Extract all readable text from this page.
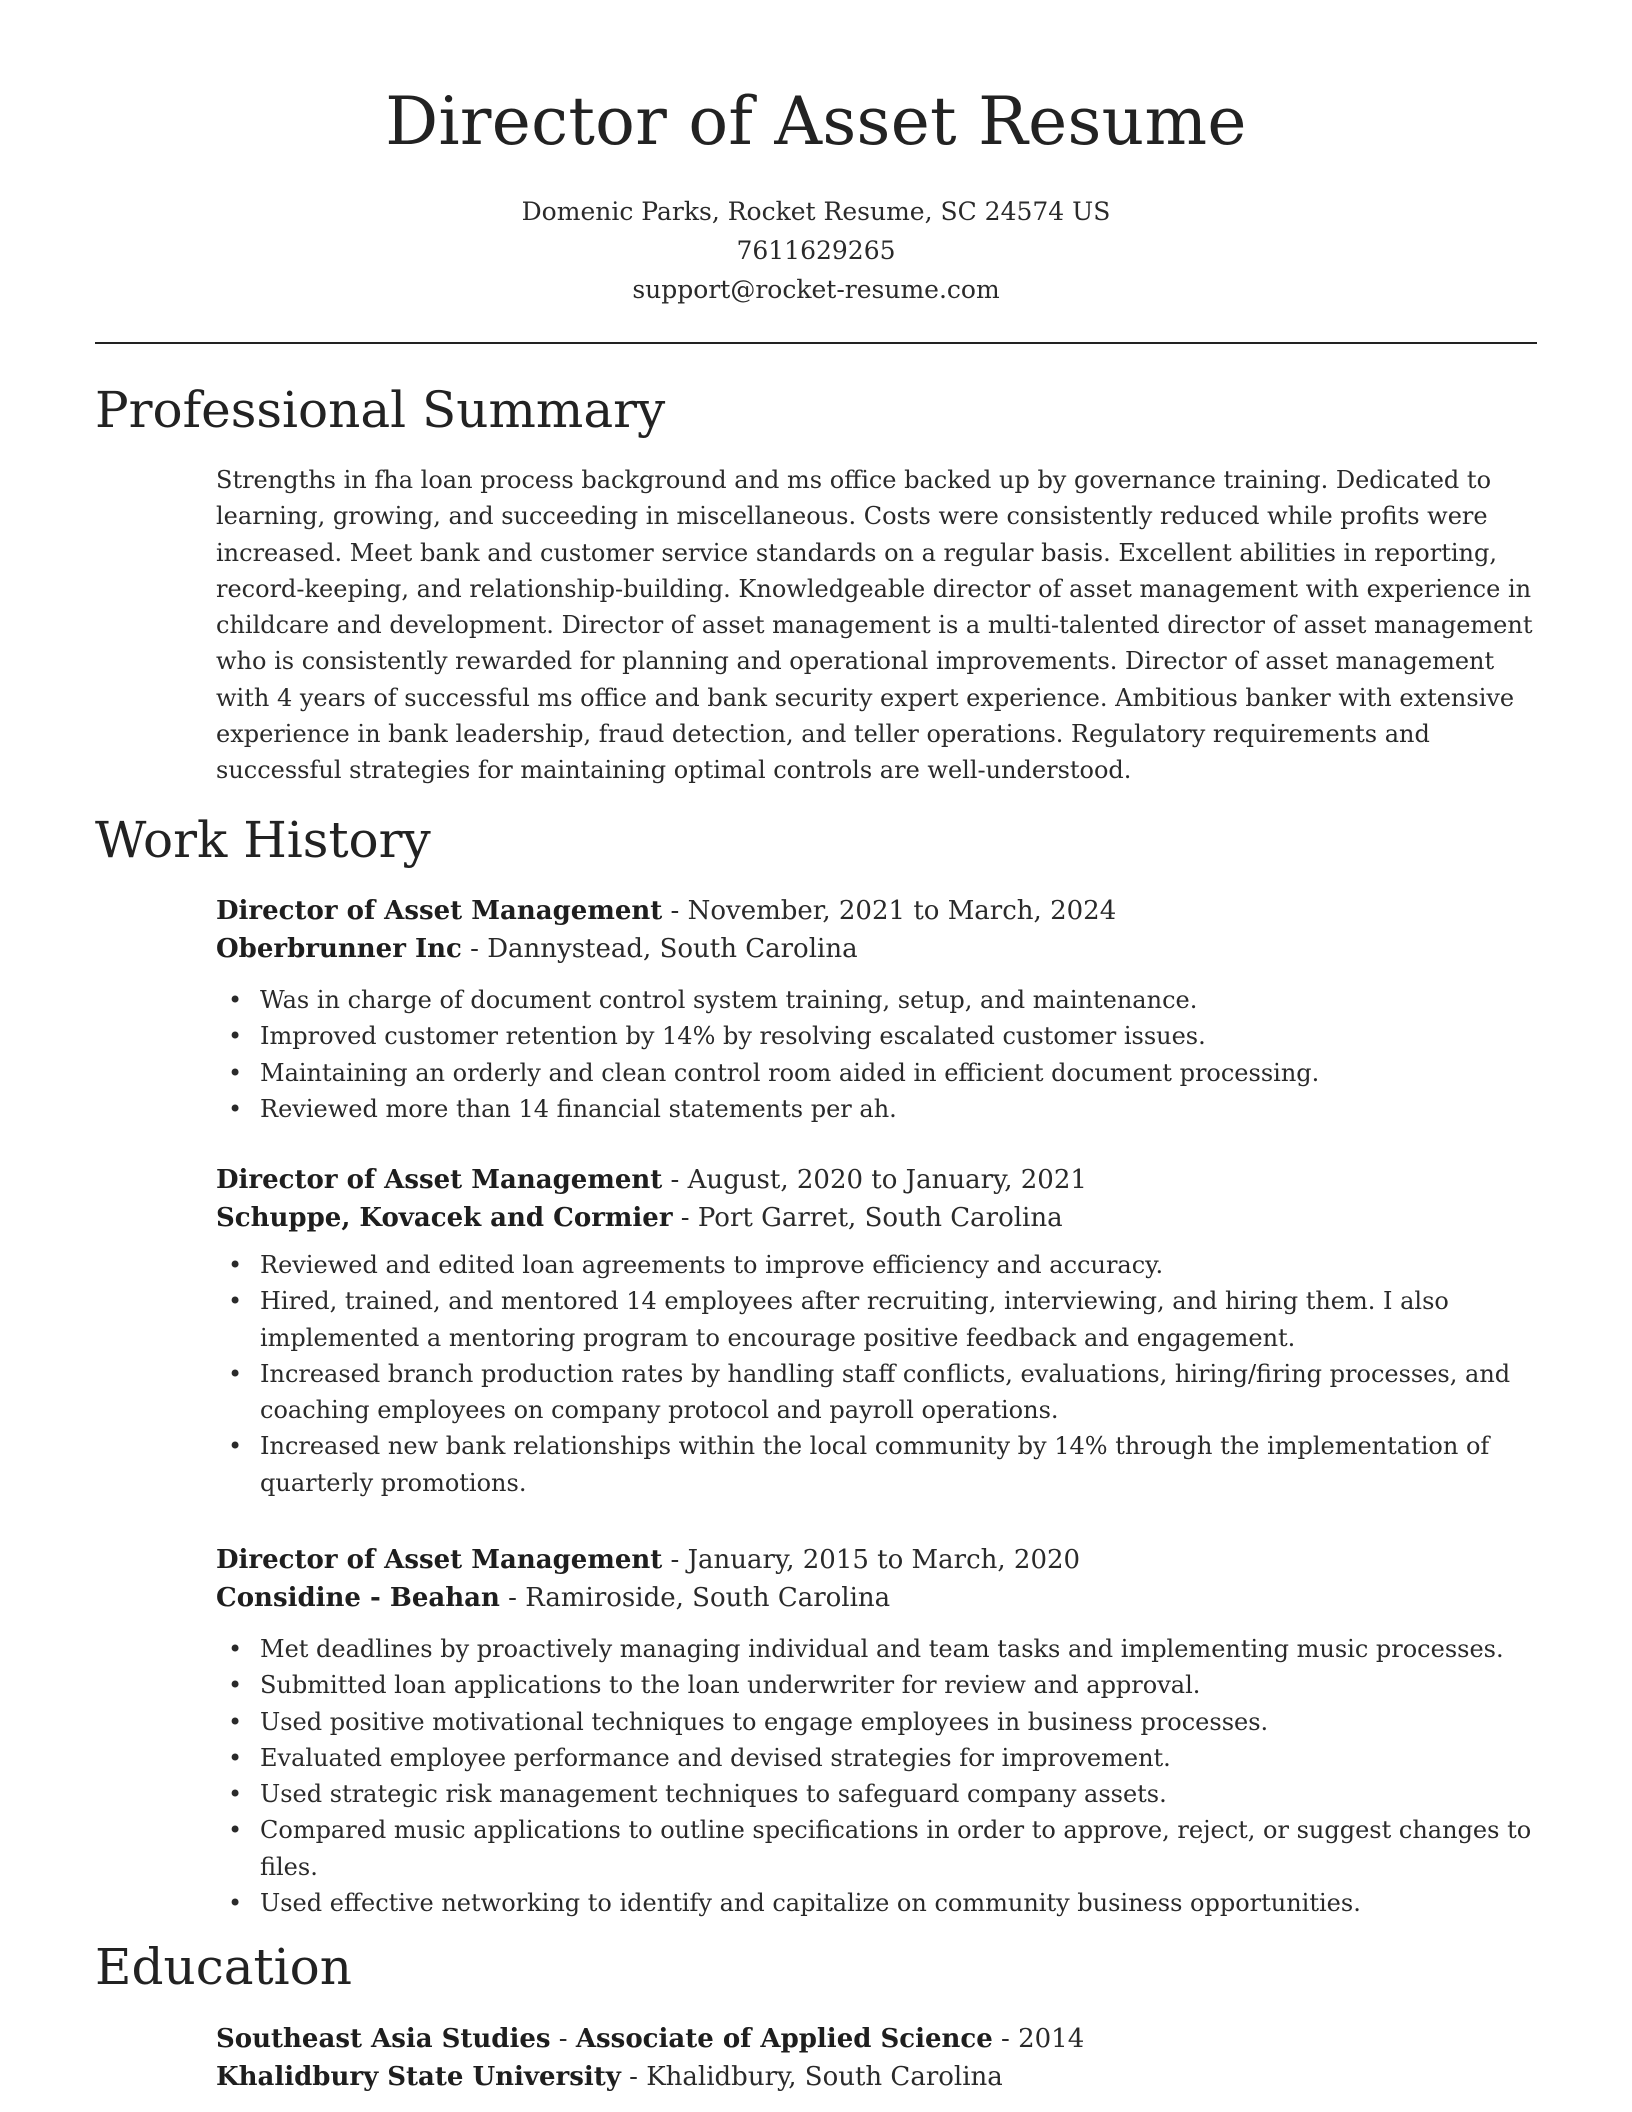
Director of Asset Resume
Domenic Parks, Rocket Resume, SC 24574 US
7611629265
support@rocket-resume.com
Professional Summary

Strengths in fha loan process background and ms office backed up by governance training. Dedicated to learning, growing, and succeeding in miscellaneous. Costs were consistently reduced while profits were increased. Meet bank and customer service standards on a regular basis. Excellent abilities in reporting, record-keeping, and relationship-building. Knowledgeable director of asset management with experience in childcare and development. Director of asset management is a multi-talented director of asset management who is consistently rewarded for planning and operational improvements. Director of asset management with 4 years of successful ms office and bank security expert experience. Ambitious banker with extensive experience in bank leadership, fraud detection, and teller operations. Regulatory requirements and successful strategies for maintaining optimal controls are well-understood.

Work History
Director of Asset Management - November, 2021 to March, 2024
Oberbrunner Inc - Dannystead, South Carolina
• Was in charge of document control system training, setup, and maintenance.
• Improved customer retention by 14% by resolving escalated customer issues.
• Maintaining an orderly and clean control room aided in efficient document processing.
• Reviewed more than 14 financial statements per ah.
Director of Asset Management - August, 2020 to January, 2021
Schuppe, Kovacek and Cormier - Port Garret, South Carolina
• Reviewed and edited loan agreements to improve efficiency and accuracy.
• Hired, trained, and mentored 14 employees after recruiting, interviewing, and hiring them. I also implemented a mentoring program to encourage positive feedback and engagement.
• Increased branch production rates by handling staff conflicts, evaluations, hiring/firing processes, and coaching employees on company protocol and payroll operations.
• Increased new bank relationships within the local community by 14% through the implementation of quarterly promotions.
Director of Asset Management - January, 2015 to March, 2020
Considine - Beahan - Ramiroside, South Carolina
• Met deadlines by proactively managing individual and team tasks and implementing music processes.
• Submitted loan applications to the loan underwriter for review and approval.
• Used positive motivational techniques to engage employees in business processes.
• Evaluated employee performance and devised strategies for improvement.
• Used strategic risk management techniques to safeguard company assets.
• Compared music applications to outline specifications in order to approve, reject, or suggest changes to files.
• Used effective networking to identify and capitalize on community business opportunities.
Education
Southeast Asia Studies - Associate of Applied Science - 2014
Khalidbury State University - Khalidbury, South Carolina
